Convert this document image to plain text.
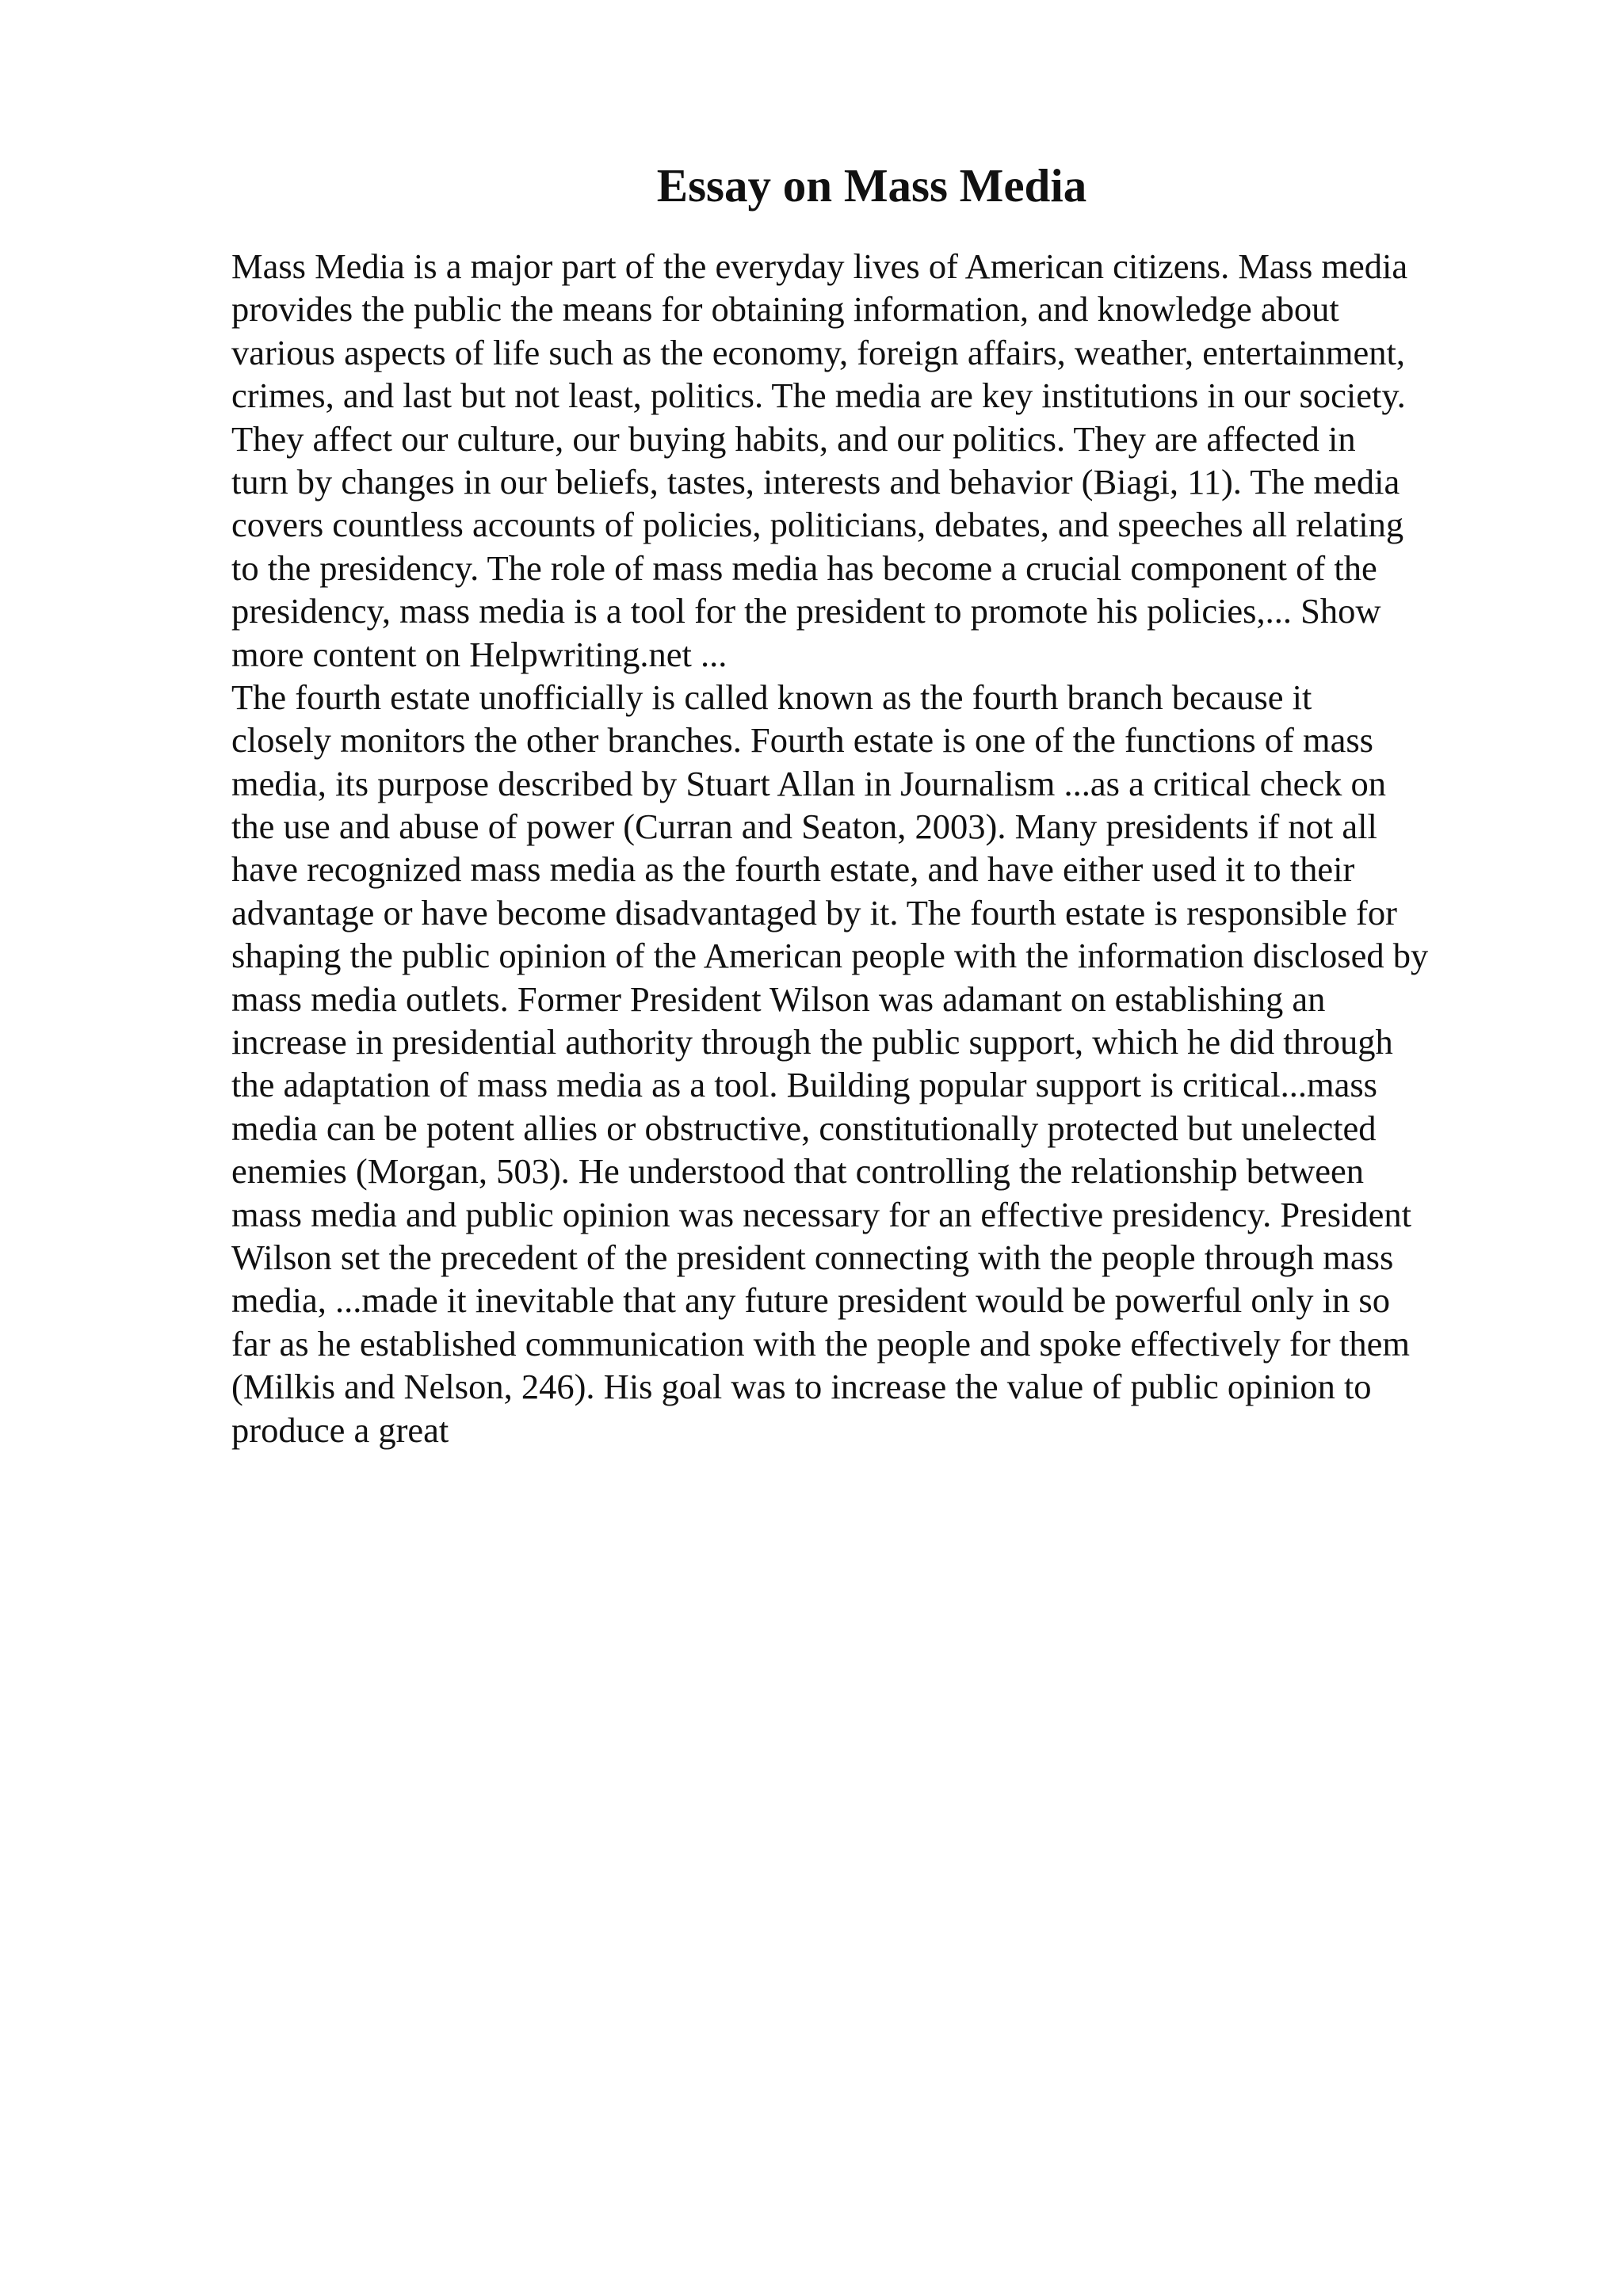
Essay on Mass Media
Mass Media is a major part of the everyday lives of American citizens. Mass media
provides the public the means for obtaining information, and knowledge about
various aspects of life such as the economy, foreign affairs, weather, entertainment,
crimes, and last but not least, politics. The media are key institutions in our society.
They affect our culture, our buying habits, and our politics. They are affected in
turn by changes in our beliefs, tastes, interests and behavior (Biagi, 11). The media
covers countless accounts of policies, politicians, debates, and speeches all relating
to the presidency. The role of mass media has become a crucial component of the
presidency, mass media is a tool for the president to promote his policies,... Show
more content on Helpwriting.net ...
The fourth estate unofficially is called known as the fourth branch because it
closely monitors the other branches. Fourth estate is one of the functions of mass
media, its purpose described by Stuart Allan in Journalism ...as a critical check on
the use and abuse of power (Curran and Seaton, 2003). Many presidents if not all
have recognized mass media as the fourth estate, and have either used it to their
advantage or have become disadvantaged by it. The fourth estate is responsible for
shaping the public opinion of the American people with the information disclosed by
mass media outlets. Former President Wilson was adamant on establishing an
increase in presidential authority through the public support, which he did through
the adaptation of mass media as a tool. Building popular support is critical...mass
media can be potent allies or obstructive, constitutionally protected but unelected
enemies (Morgan, 503). He understood that controlling the relationship between
mass media and public opinion was necessary for an effective presidency. President
Wilson set the precedent of the president connecting with the people through mass
media, ...made it inevitable that any future president would be powerful only in so
far as he established communication with the people and spoke effectively for them
(Milkis and Nelson, 246). His goal was to increase the value of public opinion to
produce a great
